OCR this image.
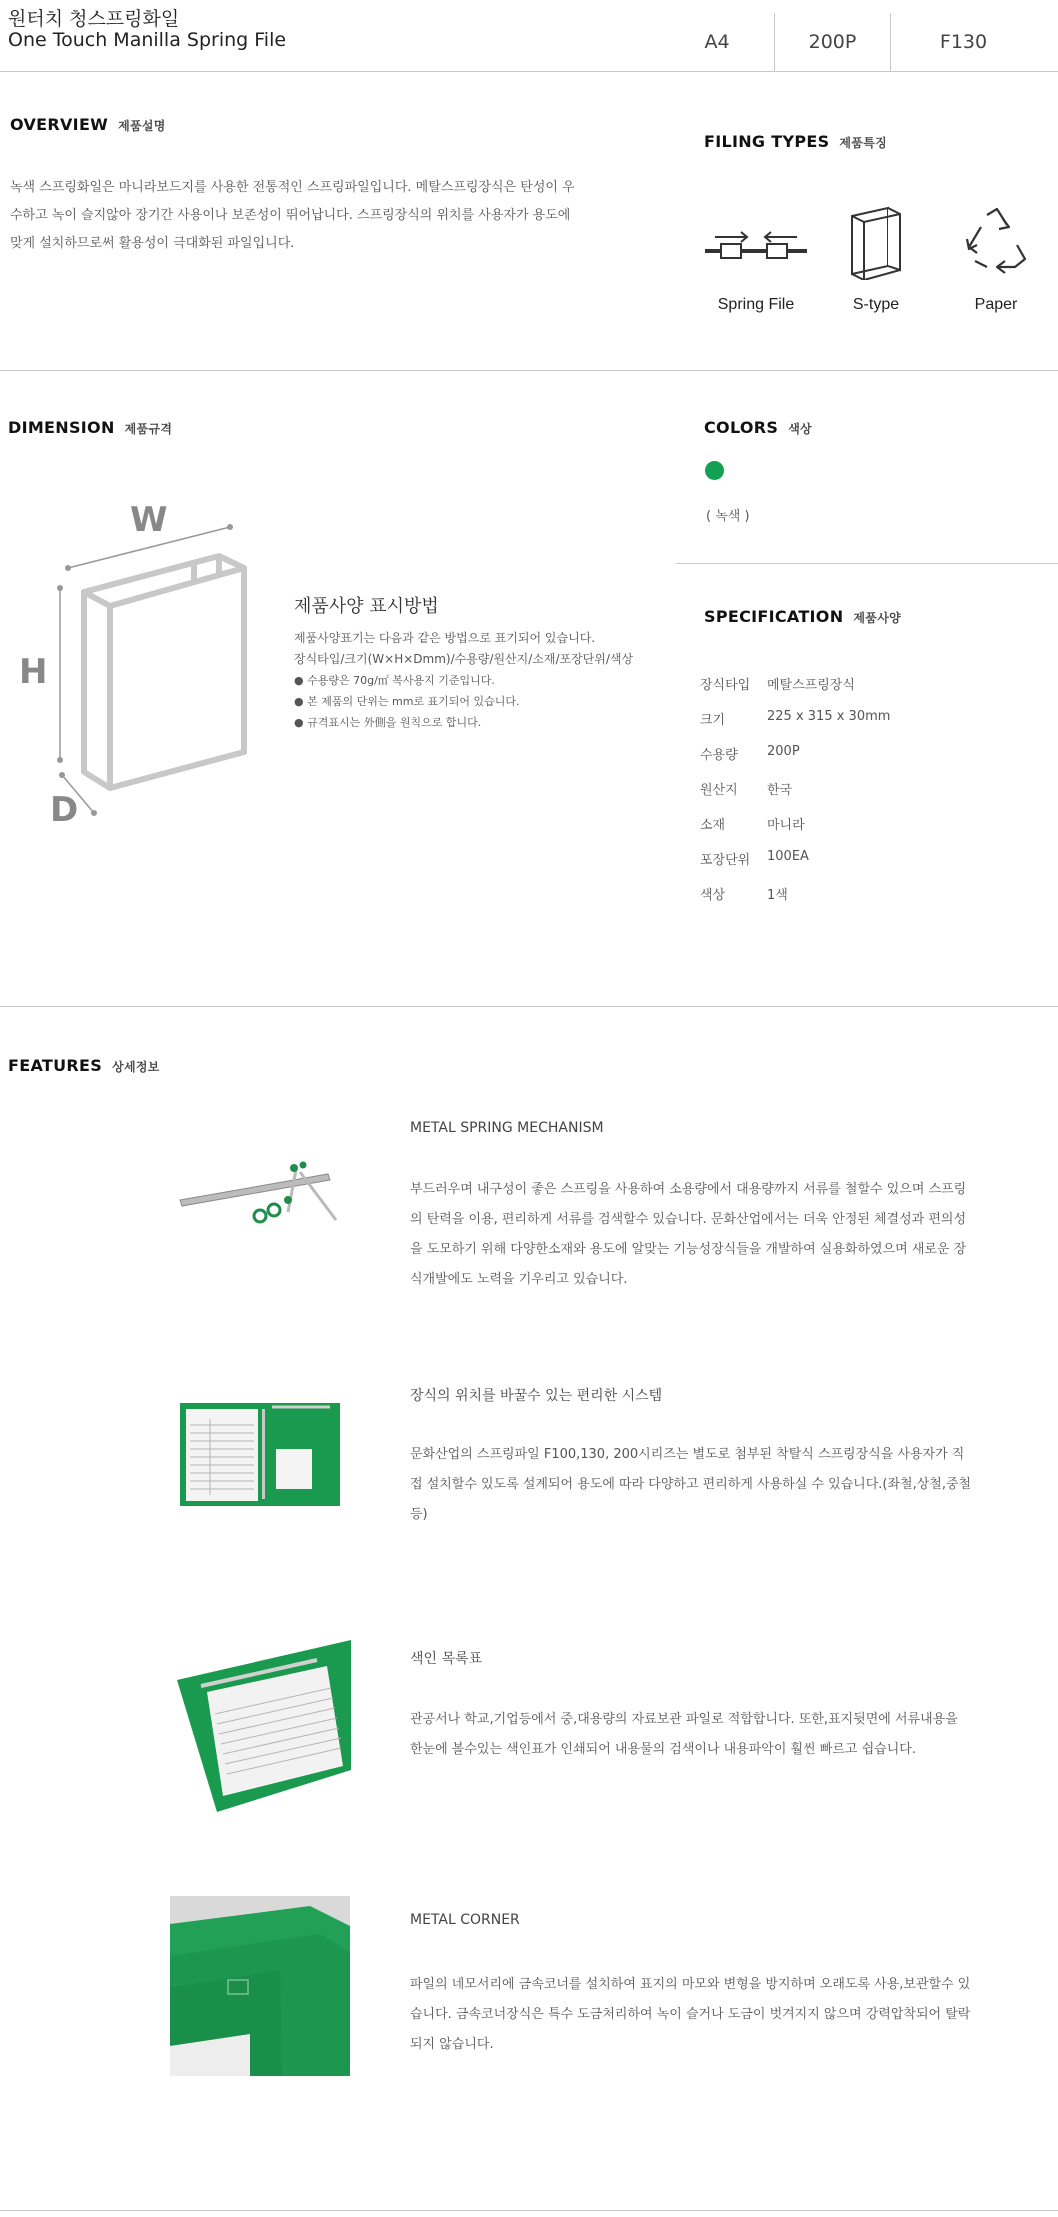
원터치 청스프링화일
One Touch Manilla Spring File	A4	200P	F130
OVERVIEW 제품설명
녹색 스프링화일은 마니라보드지를 사용한 전통적인 스프링파일입니다. 메탈스프링장식은 탄성이 우
수하고 녹이 슬지않아 장기간 사용이나 보존성이 뛰어납니다. 스프링장식의 위치를 사용자가 용도에
맞게 설치하므로써 활용성이 극대화된 파일입니다.
FILING TYPES 제품특징
Spring File	S-type	Paper
DIMENSION 제품규격
W
H
D
제품사양 표시방법
제품사양표기는 다음과 같은 방법으로 표기되어 있습니다.
장식타입/크기(W×H×Dmm)/수용량/원산지/소재/포장단위/색상
● 수용량은 70g/㎡ 복사용지 기준입니다.
● 본 제품의 단위는 mm로 표기되어 있습니다.
● 규격표시는 外側을 원칙으로 합니다.
COLORS 색상
( 녹색 )
SPECIFICATION 제품사양
장식타입	메탈스프링장식
크기	225 x 315 x 30mm
수용량	200P
원산지	한국
소재	마니라
포장단위	100EA
색상	1색
FEATURES 상세정보
METAL SPRING MECHANISM
부드러우며 내구성이 좋은 스프링을 사용하여 소용량에서 대용량까지 서류를 철할수 있으며 스프링
의 탄력을 이용, 편리하게 서류를 검색할수 있습니다. 문화산업에서는 더욱 안정된 체결성과 편의성
을 도모하기 위해 다양한소재와 용도에 알맞는 기능성장식들을 개발하여 실용화하였으며 새로운 장
식개발에도 노력을 기우리고 있습니다.
장식의 위치를 바꿀수 있는 편리한 시스템
문화산업의 스프링파일 F100,130, 200시리즈는 별도로 첨부된 착탈식 스프링장식을 사용자가 직
접 설치할수 있도록 설계되어 용도에 따라 다양하고 편리하게 사용하실 수 있습니다.(좌철,상철,중철
등)
색인 목록표
관공서나 학교,기업등에서 중,대용량의 자료보관 파일로 적합합니다. 또한,표지뒷면에 서류내용을
한눈에 볼수있는 색인표가 인쇄되어 내용물의 검색이나 내용파악이 훨씬 빠르고 쉽습니다.
METAL CORNER
파일의 네모서리에 금속코너를 설치하여 표지의 마모와 변형을 방지하며 오래도록 사용,보관할수 있
습니다. 금속코너장식은 특수 도금처리하여 녹이 슬거나 도금이 벗겨지지 않으며 강력압착되어 탈락
되지 않습니다.
